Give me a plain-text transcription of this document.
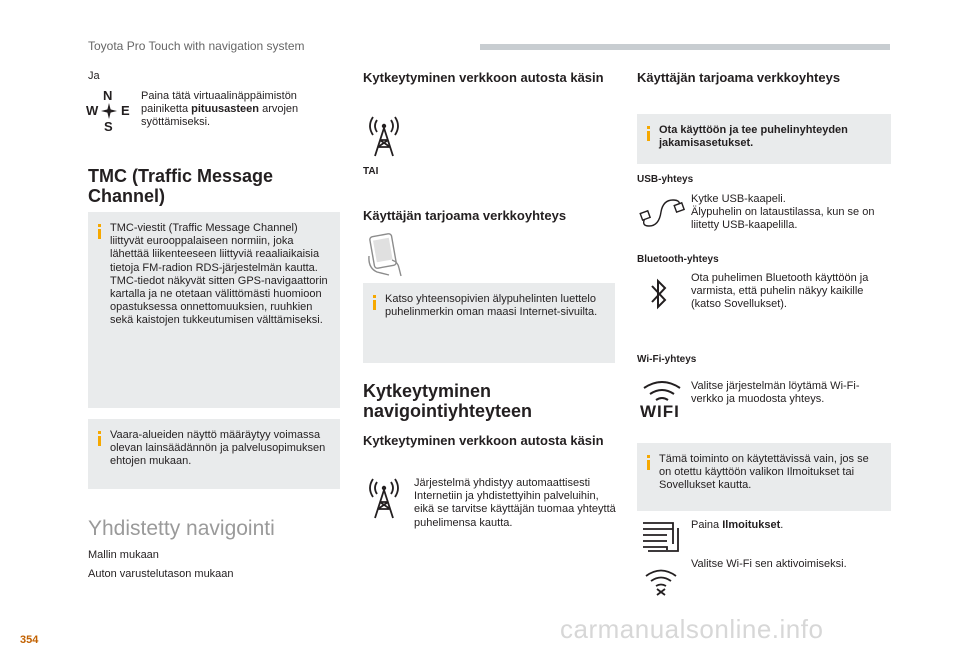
Toyota Pro Touch with navigation system
Ja
N
W E
S
Paina tätä virtuaalinäppäimistön painiketta pituusasteen arvojen syöttämiseksi.
TMC (Traffic Message Channel)
TMC-viestit (Traffic Message Channel) liittyvät eurooppalaiseen normiin, joka lähettää liikenteeseen liittyviä reaaliaikaisia tietoja FM-radion RDS-järjestelmän kautta.
TMC-tiedot näkyvät sitten GPS-navigaattorin kartalla ja ne otetaan välittömästi huomioon opastuksessa onnettomuuksien, ruuhkien sekä kaistojen tukkeutumisen välttämiseksi.
Vaara-alueiden näyttö määräytyy voimassa olevan lainsäädännön ja palvelusopimuksen ehtojen mukaan.
Yhdistetty navigointi
Mallin mukaan
Auton varustelutason mukaan
Kytkeytyminen verkkoon autosta käsin
TAI
Käyttäjän tarjoama verkkoyhteys
Katso yhteensopivien älypuhelinten luettelo puhelinmerkin oman maasi Internet-sivuilta.
Kytkeytyminen navigointiyhteyteen
Kytkeytyminen verkkoon autosta käsin
Järjestelmä yhdistyy automaattisesti Internetiin ja yhdistettyihin palveluihin, eikä se tarvitse käyttäjän tuomaa yhteyttä puhelimensa kautta.
Käyttäjän tarjoama verkkoyhteys
Ota käyttöön ja tee puhelinyhteyden jakamisasetukset.
USB-yhteys
Kytke USB-kaapeli.
Älypuhelin on lataustilassa, kun se on liitetty USB-kaapelilla.
Bluetooth-yhteys
Ota puhelimen Bluetooth käyttöön ja varmista, että puhelin näkyy kaikille (katso Sovellukset).
Wi-Fi-yhteys
WIFI
Valitse järjestelmän löytämä Wi-Fi-verkko ja muodosta yhteys.
Tämä toiminto on käytettävissä vain, jos se on otettu käyttöön valikon Ilmoitukset tai Sovellukset kautta.
Paina Ilmoitukset.
Valitse Wi-Fi sen aktivoimiseksi.
354	carmanualsonline.info
